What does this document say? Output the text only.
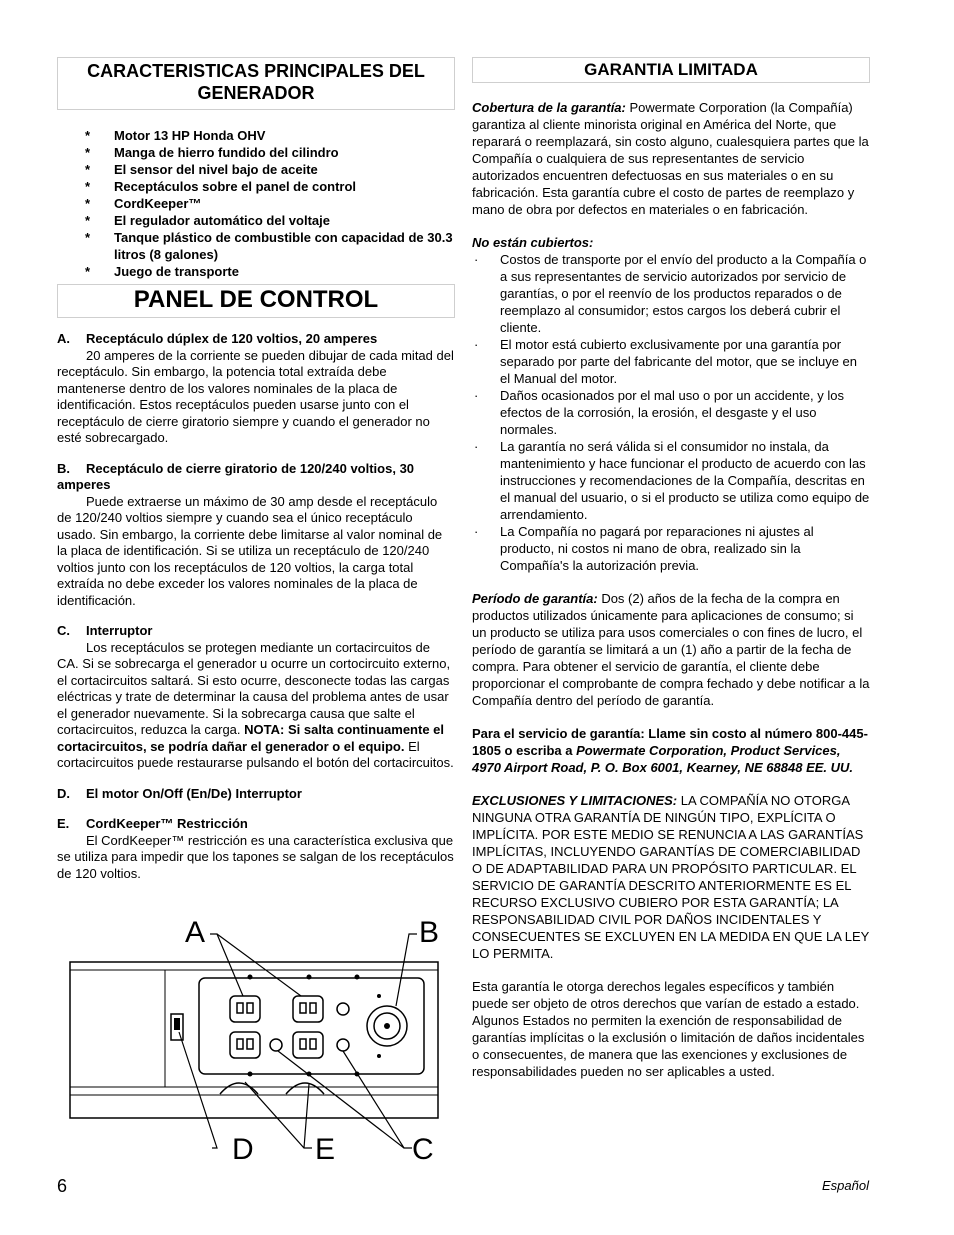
CARACTERISTICAS PRINCIPALES DEL GENERADOR
* Motor 13 HP Honda OHV
* Manga de hierro fundido del cilindro
* El sensor del nivel bajo de aceite
* Receptáculos sobre el panel de control
* CordKeeper™
* El regulador automático del voltaje
* Tanque plástico de combustible con capacidad de 30.3 litros (8 galones)
* Juego de transporte
PANEL DE CONTROL
A. Receptáculo dúplex de 120 voltios, 20 amperes

20 amperes de la corriente se pueden dibujar de cada mitad del receptáculo. Sin embargo, la potencia total extraída debe mantenerse dentro de los valores nominales de la placa de identificación. Estos receptáculos pueden usarse junto con el receptáculo de cierre giratorio siempre y cuando el generador no esté sobrecargado.

B. Receptáculo de cierre giratorio de 120/240 voltios, 30 amperes

Puede extraerse un máximo de 30 amp desde el receptáculo de 120/240 voltios siempre y cuando sea el único receptáculo usado. Sin embargo, la corriente debe limitarse al valor nominal de la placa de identificación. Si se utiliza un receptáculo de 120/240 voltios junto con los receptáculos de 120 voltios, la carga total extraída no debe exceder los valores nominales de la placa de identificación.

C. Interruptor

Los receptáculos se protegen mediante un cortacircuitos de CA. Si se sobrecarga el generador u ocurre un cortocircuito externo, el cortacircuitos saltará. Si esto ocurre, desconecte todas las cargas eléctricas y trate de determinar la causa del problema antes de usar el generador nuevamente. Si la sobrecarga causa que salte el cortacircuitos, reduzca la carga. NOTA: Si salta continuamente el cortacircuitos, se podría dañar el generador o el equipo. El cortacircuitos puede restaurarse pulsando el botón del cortacircuitos.

D. El motor On/Off (En/De) Interruptor
E. CordKeeper™ Restricción

El CordKeeper™ restricción es una característica exclusiva que se utiliza para impedir que los tapones se salgan de los receptáculos de 120 voltios.

A	B
D E	C
GARANTIA LIMITADA

Cobertura de la garantía: Powermate Corporation (la Compañía) garantiza al cliente minorista original en América del Norte, que reparará o reemplazará, sin costo alguno, cualesquiera partes que la Compañía o cualquiera de sus representantes de servicio autorizados encuentren defectuosas en sus materiales o en su fabricación. Esta garantía cubre el costo de partes de reemplazo y mano de obra por defectos en materiales o en fabricación.

No están cubiertos:

· Costos de transporte por el envío del producto a la Compañía o a sus representantes de servicio autorizados por servicio de garantías, o por el reenvío de los productos reparados o de reemplazo al consumidor; estos cargos los deberá cubrir el cliente.
· El motor está cubierto exclusivamente por una garantía por separado por parte del fabricante del motor, que se incluye en el Manual del motor.
· Daños ocasionados por el mal uso o por un accidente, y los efectos de la corrosión, la erosión, el desgaste y el uso normales.
· La garantía no será válida si el consumidor no instala, da mantenimiento y hace funcionar el producto de acuerdo con las instrucciones y recomendaciones de la Compañía, descritas en el manual del usuario, o si el producto se utiliza como equipo de arrendamiento.
· La Compañía no pagará por reparaciones ni ajustes al producto, ni costos ni mano de obra, realizado sin la Compañía's la autorización previa.

Período de garantía: Dos (2) años de la fecha de la compra en productos utilizados únicamente para aplicaciones de consumo; si un producto se utiliza para usos comerciales o con fines de lucro, el período de garantía se limitará a un (1) año a partir de la fecha de compra. Para obtener el servicio de garantía, el cliente debe proporcionar el comprobante de compra fechado y debe notificar a la Compañía dentro del período de garantía.

Para el servicio de garantía: Llame sin costo al número 800-445-1805 o escriba a Powermate Corporation, Product Services, 4970 Airport Road, P. O. Box 6001, Kearney, NE 68848 EE. UU.

EXCLUSIONES Y LIMITACIONES: LA COMPAÑÍA NO OTORGA NINGUNA OTRA GARANTÍA DE NINGÚN TIPO, EXPLÍCITA O IMPLÍCITA. POR ESTE MEDIO SE RENUNCIA A LAS GARANTÍAS IMPLÍCITAS, INCLUYENDO GARANTÍAS DE COMERCIABILIDAD O DE ADAPTABILIDAD PARA UN PROPÓSITO PARTICULAR. EL SERVICIO DE GARANTÍA DESCRITO ANTERIORMENTE ES EL RECURSO EXCLUSIVO CUBIERO POR ESTA GARANTÍA; LA RESPONSABILIDAD CIVIL POR DAÑOS INCIDENTALES Y CONSECUENTES SE EXCLUYEN EN LA MEDIDA EN QUE LA LEY LO PERMITA.

Esta garantía le otorga derechos legales específicos y también puede ser objeto de otros derechos que varían de estado a estado. Algunos Estados no permiten la exención de responsabilidad de garantías implícitas o la exclusión o limitación de daños incidentales o consecuentes, de manera que las exenciones y exclusiones de responsabilidades pueden no ser aplicables a usted.

6	Español
